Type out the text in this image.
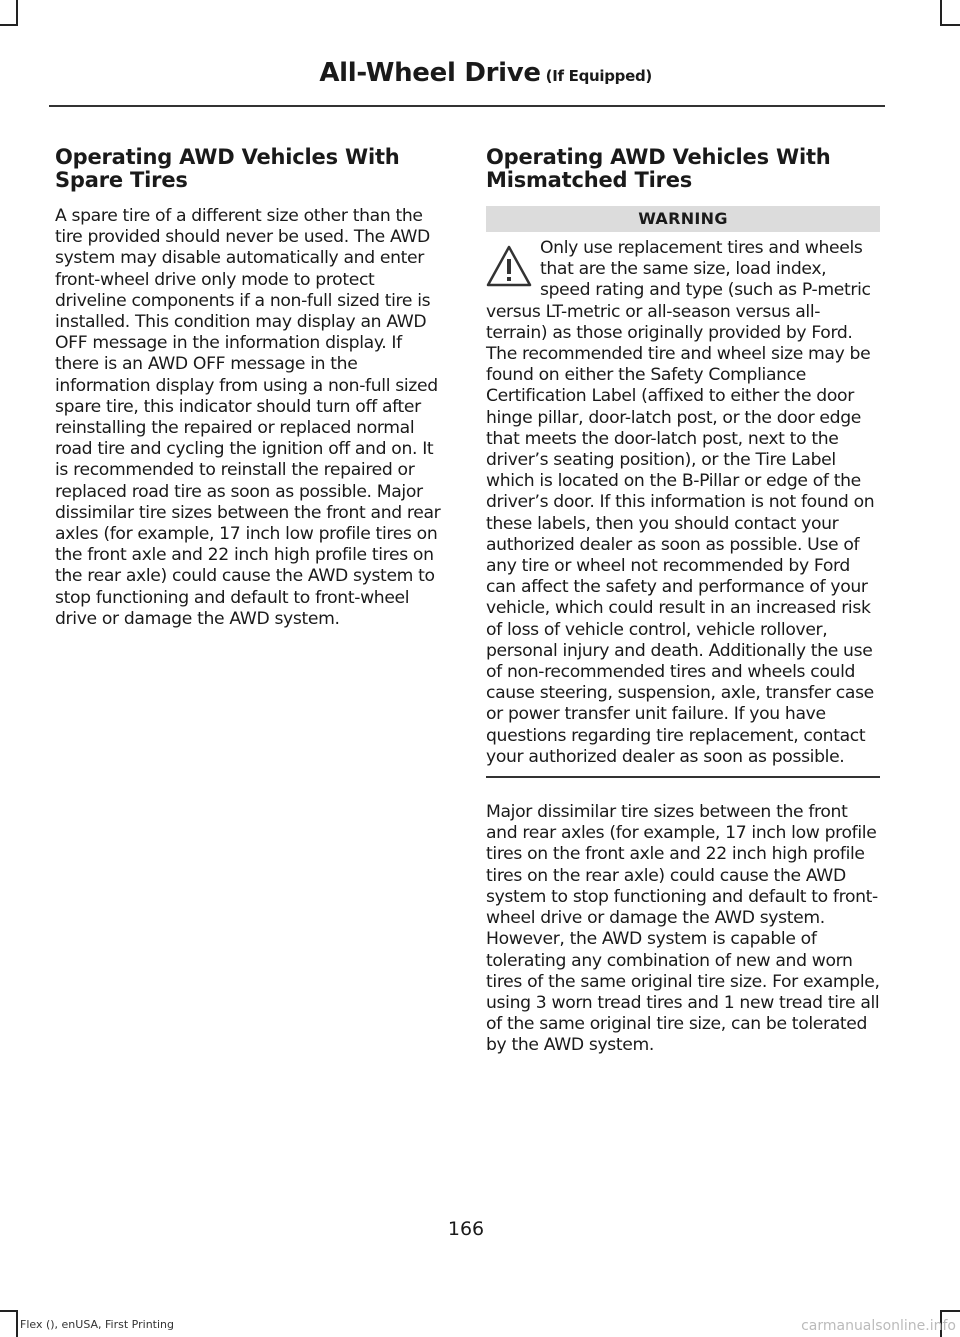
All-Wheel Drive (If Equipped)
Operating AWD Vehicles With
Spare Tires

A spare tire of a different size other than the tire provided should never be used. The AWD system may disable automatically and enter front-wheel drive only mode to protect driveline components if a non-full sized tire is installed. This condition may display an AWD OFF message in the information display. If there is an AWD OFF message in the information display from using a non-full sized spare tire, this indicator should turn off after reinstalling the repaired or replaced normal road tire and cycling the ignition off and on. It is recommended to reinstall the repaired or replaced road tire as soon as possible. Major dissimilar tire sizes between the front and rear axles (for example, 17 inch low profile tires on the front axle and 22 inch high profile tires on the rear axle) could cause the AWD system to stop functioning and default to front-wheel drive or damage the AWD system.

Operating AWD Vehicles With
Mismatched Tires
WARNING

Only use replacement tires and wheels that are the same size, load index, speed rating and type (such as P-metric versus LT-metric or all-season versus all-terrain) as those originally provided by Ford. The recommended tire and wheel size may be found on either the Safety Compliance Certification Label (affixed to either the door hinge pillar, door-latch post, or the door edge that meets the door-latch post, next to the driver’s seating position), or the Tire Label which is located on the B-Pillar or edge of the driver’s door. If this information is not found on these labels, then you should contact your authorized dealer as soon as possible. Use of any tire or wheel not recommended by Ford can affect the safety and performance of your vehicle, which could result in an increased risk of loss of vehicle control, vehicle rollover, personal injury and death. Additionally the use of non-recommended tires and wheels could cause steering, suspension, axle, transfer case or power transfer unit failure. If you have questions regarding tire replacement, contact your authorized dealer as soon as possible.

Major dissimilar tire sizes between the front and rear axles (for example, 17 inch low profile tires on the front axle and 22 inch high profile tires on the rear axle) could cause the AWD system to stop functioning and default to front-wheel drive or damage the AWD system. However, the AWD system is capable of tolerating any combination of new and worn tires of the same original tire size. For example, using 3 worn tread tires and 1 new tread tire all of the same original tire size, can be tolerated by the AWD system.

166
Flex (), enUSA, First Printing	carmanualsonline.info
